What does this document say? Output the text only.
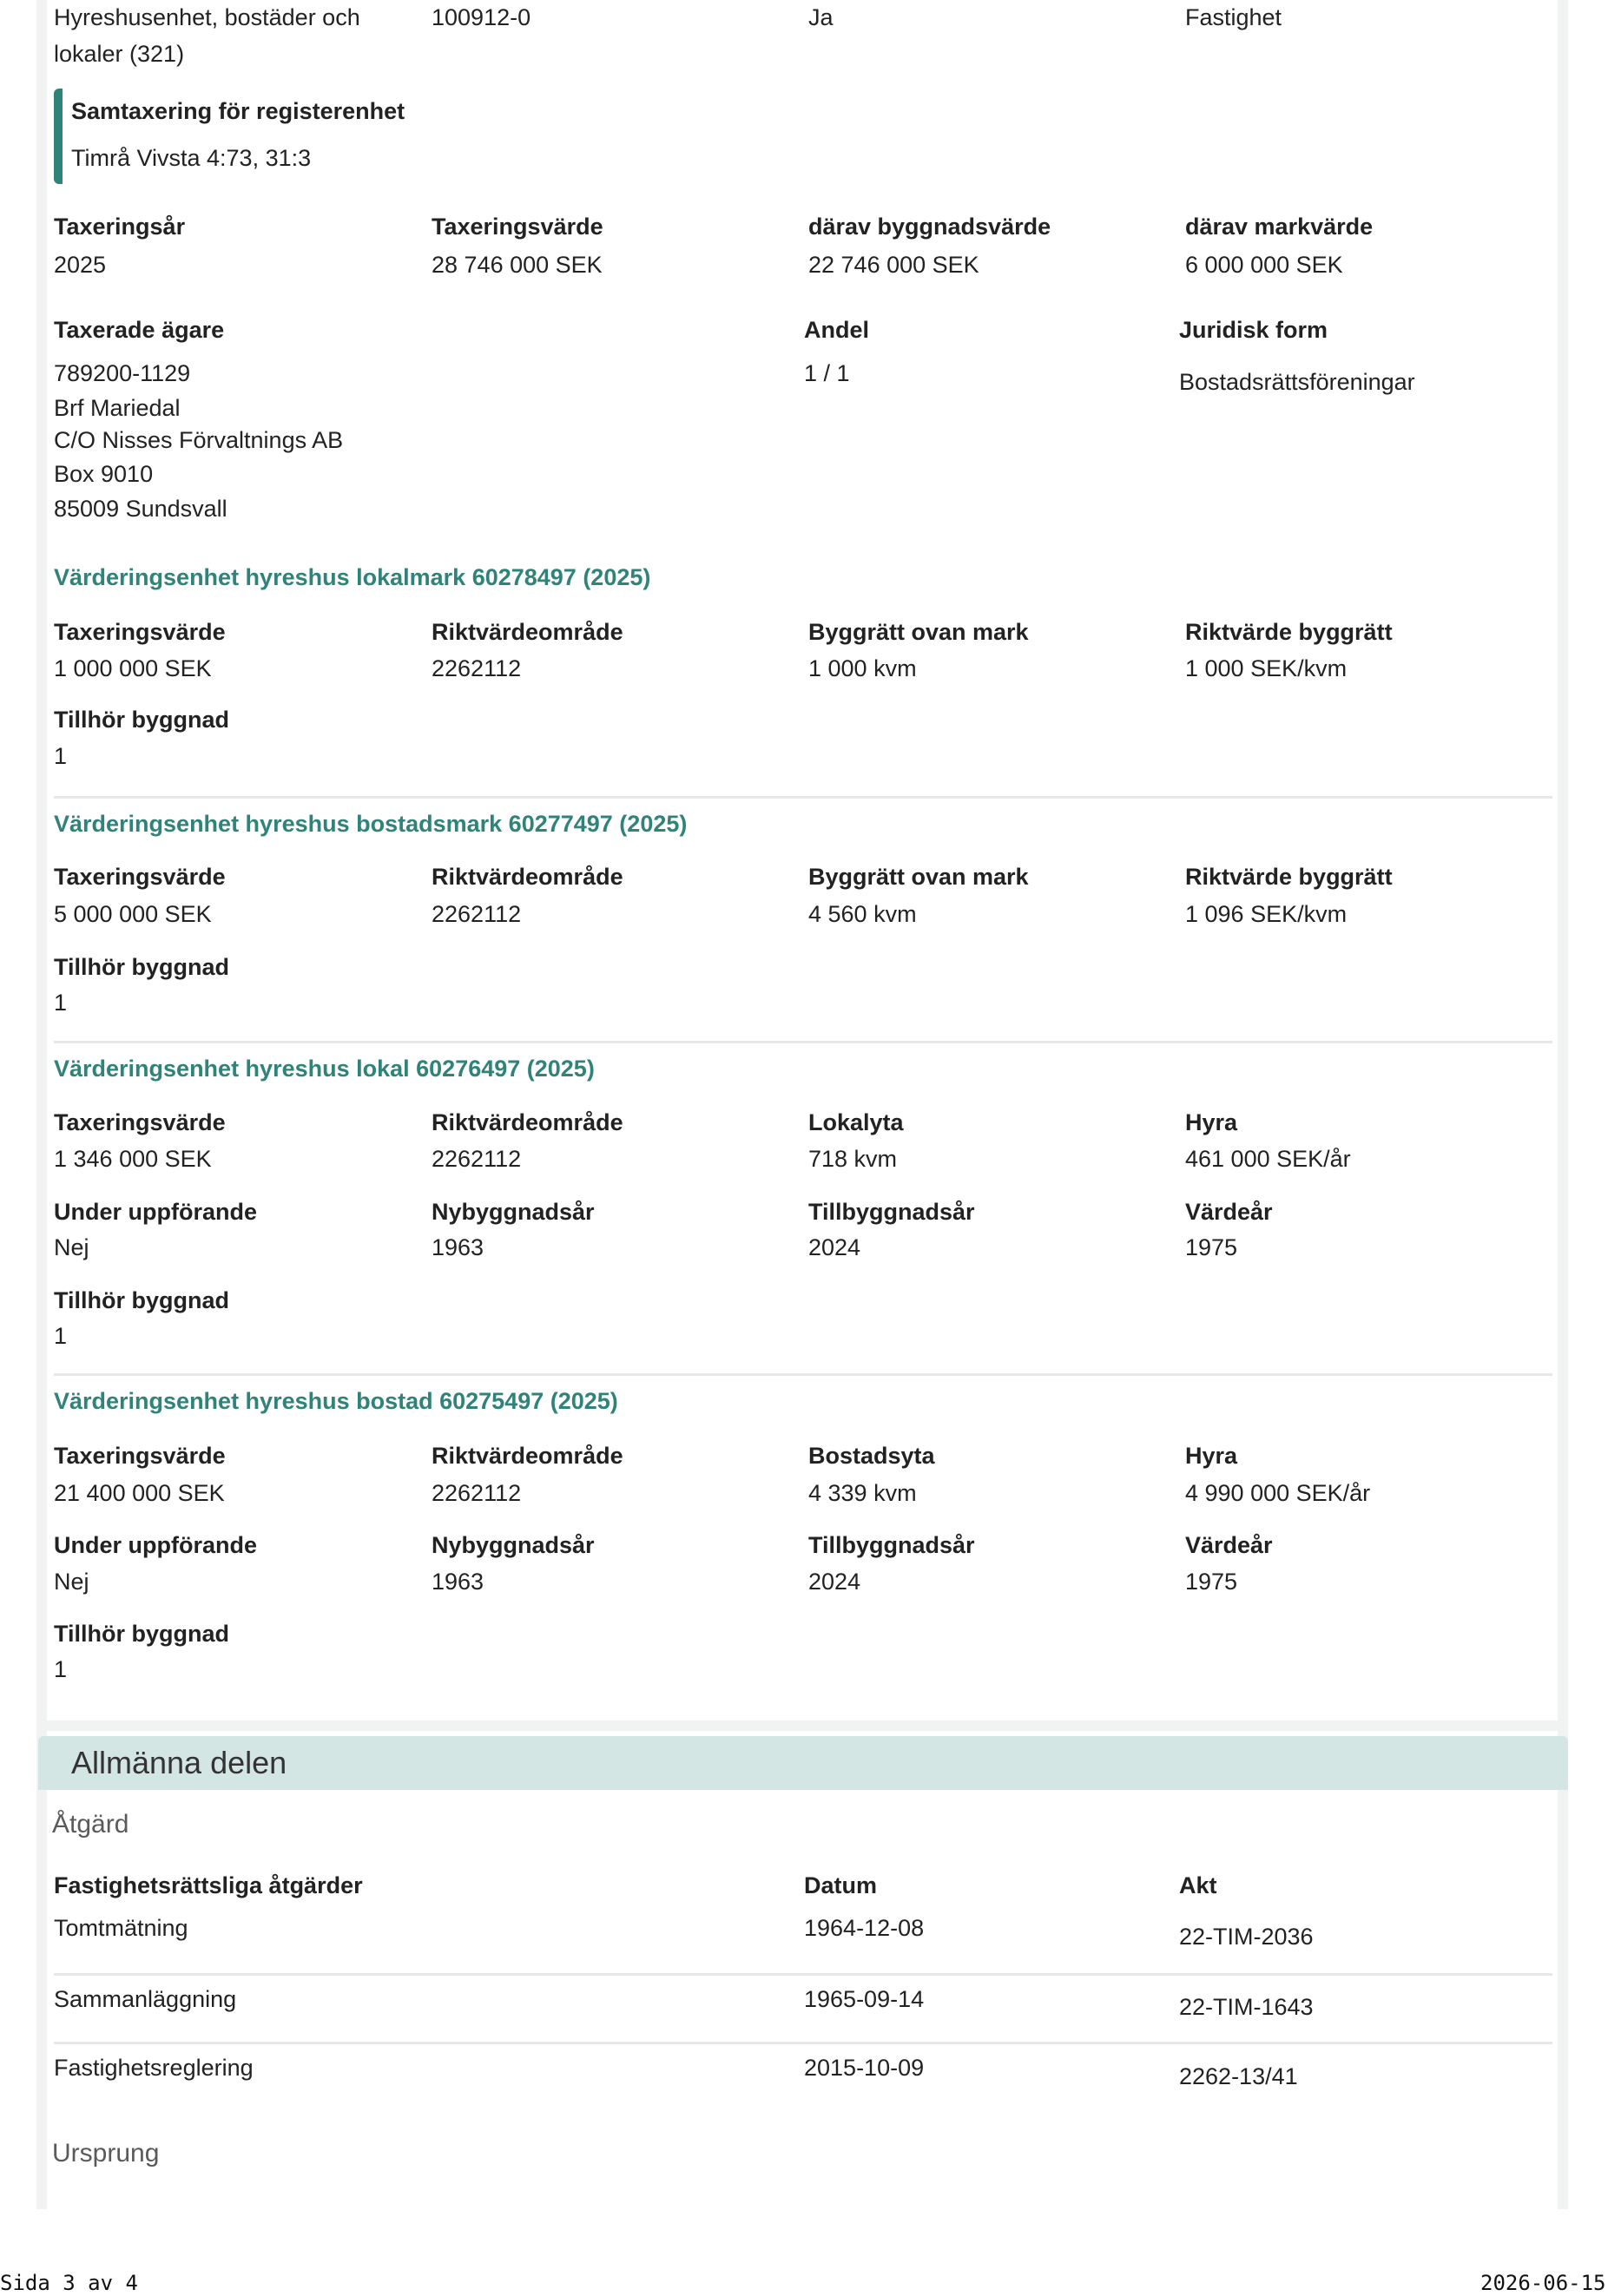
Hyreshusenhet, bostäder och
lokaler (321)
100912-0	Ja	Fastighet
Samtaxering för registerenhet
Timrå Vivsta 4:73, 31:3
Taxeringsår	Taxeringsvärde	därav byggnadsvärde	därav markvärde
2025	28 746 000 SEK	22 746 000 SEK	6 000 000 SEK
Taxerade ägare	Andel	Juridisk form
789200-1129
Brf Mariedal
C/O Nisses Förvaltnings AB
Box 9010
85009 Sundsvall
1 / 1	Bostadsrättsföreningar
Värderingsenhet hyreshus lokalmark 60278497 (2025)
Taxeringsvärde	Riktvärdeområde	Byggrätt ovan mark	Riktvärde byggrätt
1 000 000 SEK	2262112	1 000 kvm	1 000 SEK/kvm
Tillhör byggnad
1
Värderingsenhet hyreshus bostadsmark 60277497 (2025)
Taxeringsvärde	Riktvärdeområde	Byggrätt ovan mark	Riktvärde byggrätt
5 000 000 SEK	2262112	4 560 kvm	1 096 SEK/kvm
Tillhör byggnad
1
Värderingsenhet hyreshus lokal 60276497 (2025)
Taxeringsvärde	Riktvärdeområde	Lokalyta	Hyra
1 346 000 SEK	2262112	718 kvm	461 000 SEK/år
Under uppförande	Nybyggnadsår	Tillbyggnadsår	Värdeår
Nej	1963	2024	1975
Tillhör byggnad
1
Värderingsenhet hyreshus bostad 60275497 (2025)
Taxeringsvärde	Riktvärdeområde	Bostadsyta	Hyra
21 400 000 SEK	2262112	4 339 kvm	4 990 000 SEK/år
Under uppförande	Nybyggnadsår	Tillbyggnadsår	Värdeår
Nej	1963	2024	1975
Tillhör byggnad
1
Allmänna delen
Åtgärd
Fastighetsrättsliga åtgärder	Datum	Akt
Tomtmätning	1964-12-08	22-TIM-2036
Sammanläggning	1965-09-14	22-TIM-1643
Fastighetsreglering	2015-10-09	2262-13/41
Ursprung
Sida 3 av 4	2026-06-15
